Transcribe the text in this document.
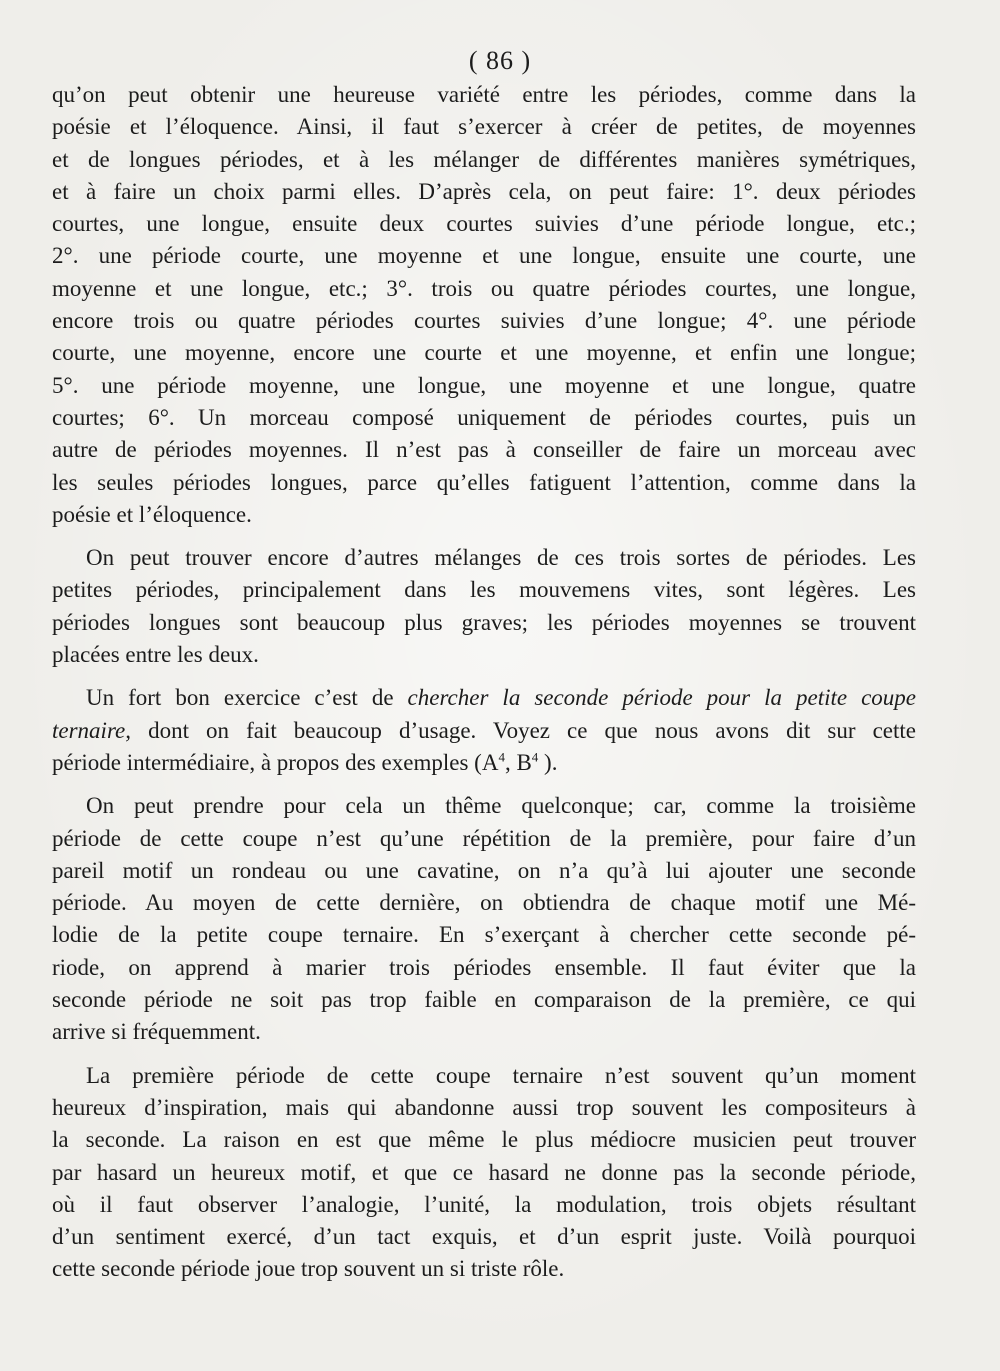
( 86 )

qu’on peut obtenir une heureuse variété entre les périodes, comme dans la
poésie et l’éloquence. Ainsi, il faut s’exercer à créer de petites, de moyennes
et de longues périodes, et à les mélanger de différentes manières symétriques,
et à faire un choix parmi elles. D’après cela, on peut faire: 1°. deux périodes
courtes, une longue, ensuite deux courtes suivies d’une période longue, etc.;
2°. une période courte, une moyenne et une longue, ensuite une courte, une
moyenne et une longue, etc.; 3°. trois ou quatre périodes courtes, une longue,
encore trois ou quatre périodes courtes suivies d’une longue; 4°. une période
courte, une moyenne, encore une courte et une moyenne, et enfin une longue;
5°. une période moyenne, une longue, une moyenne et une longue, quatre
courtes; 6°. Un morceau composé uniquement de périodes courtes, puis un
autre de périodes moyennes. Il n’est pas à conseiller de faire un morceau avec
les seules périodes longues, parce qu’elles fatiguent l’attention, comme dans la
poésie et l’éloquence.

On peut trouver encore d’autres mélanges de ces trois sortes de périodes. Les
petites périodes, principalement dans les mouvemens vites, sont légères. Les
périodes longues sont beaucoup plus graves; les périodes moyennes se trouvent
placées entre les deux.

Un fort bon exercice c’est de chercher la seconde période pour la petite coupe
ternaire, dont on fait beaucoup d’usage. Voyez ce que nous avons dit sur cette
période intermédiaire, à propos des exemples ($A^4$, $B^4$ ).

On peut prendre pour cela un thême quelconque; car, comme la troisième
période de cette coupe n’est qu’une répétition de la première, pour faire d’un
pareil motif un rondeau ou une cavatine, on n’a qu’à lui ajouter une seconde
période. Au moyen de cette dernière, on obtiendra de chaque motif une Mé-
lodie de la petite coupe ternaire. En s’exerçant à chercher cette seconde pé-
riode, on apprend à marier trois périodes ensemble. Il faut éviter que la
seconde période ne soit pas trop faible en comparaison de la première, ce qui
arrive si fréquemment.

La première période de cette coupe ternaire n’est souvent qu’un moment
heureux d’inspiration, mais qui abandonne aussi trop souvent les compositeurs à
la seconde. La raison en est que même le plus médiocre musicien peut trouver
par hasard un heureux motif, et que ce hasard ne donne pas la seconde période,
où il faut observer l’analogie, l’unité, la modulation, trois objets résultant
d’un sentiment exercé, d’un tact exquis, et d’un esprit juste. Voilà pourquoi
cette seconde période joue trop souvent un si triste rôle.
